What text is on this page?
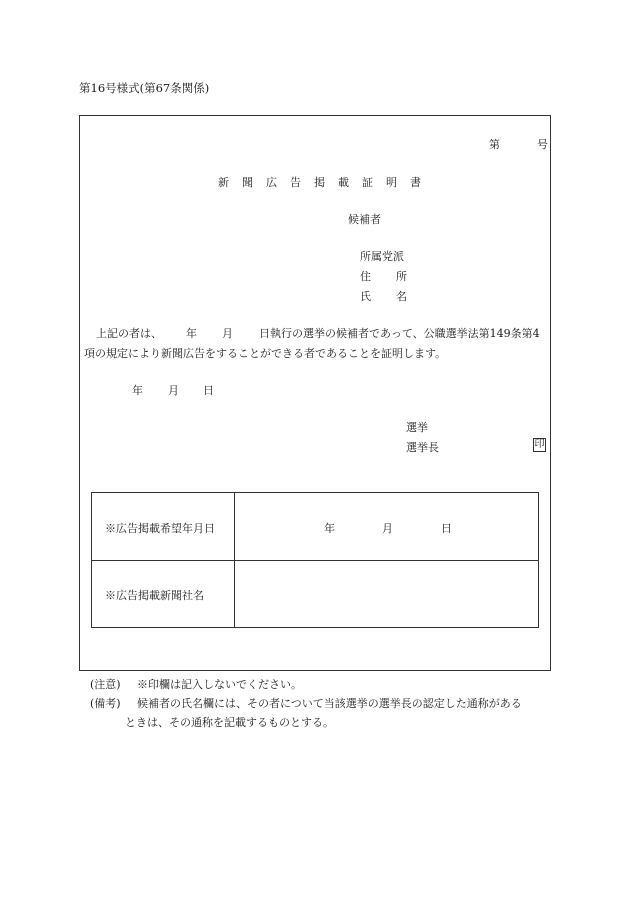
第16号様式(第67条関係)
第	号
新 聞 広 告 掲 載 証 明 書
候補者
所属党派
住 所
氏 名
上記の者は、 年 月 日執行の選挙の候補者であって、公職選挙法第149条第4
項の規定により新聞広告をすることができる者であることを証明します。
年 月 日
選挙
選挙長	印
※広告掲載希望年月日	年	月	日
※広告掲載新聞社名
(注意) ※印欄は記入しないでください。
(備考) 候補者の氏名欄には、その者について当該選挙の選挙長の認定した通称がある
ときは、その通称を記載するものとする。
